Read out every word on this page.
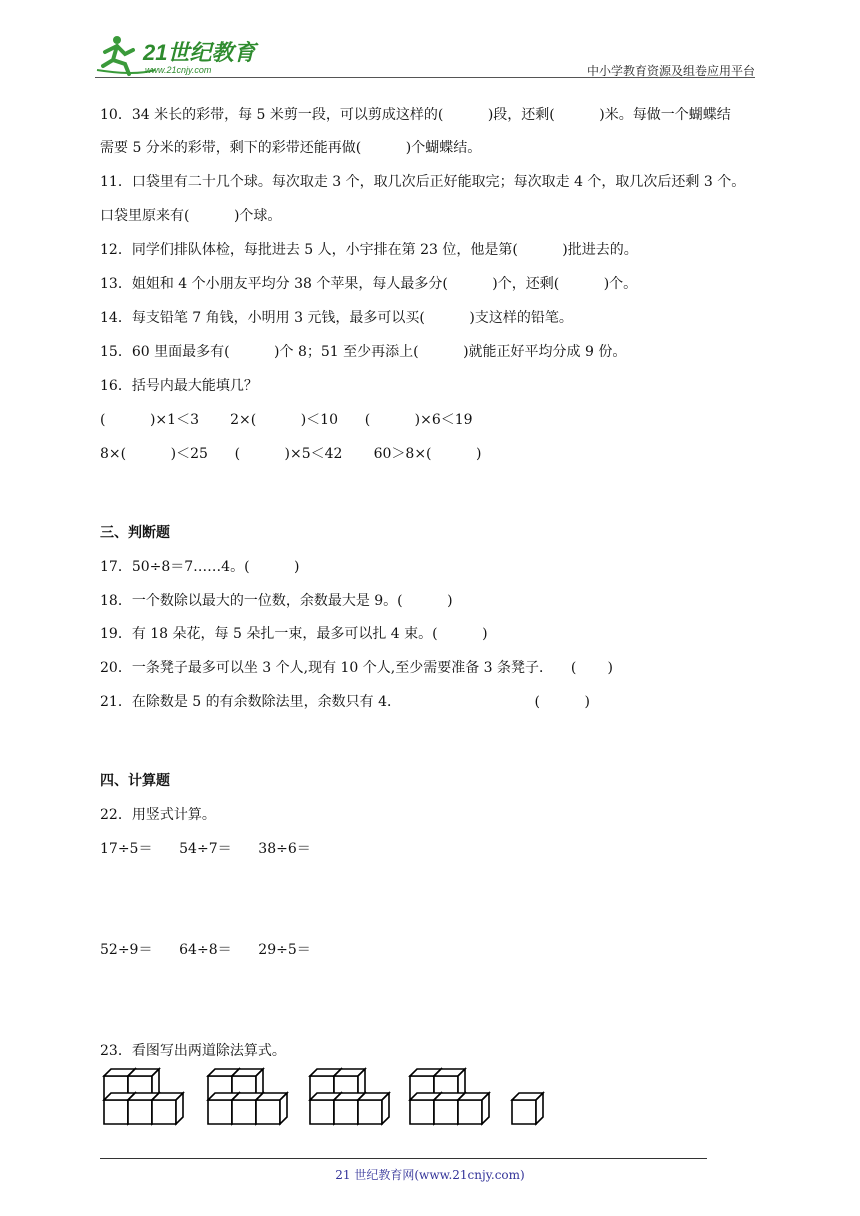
21世纪教育
www.21cnjy.com	中小学教育资源及组卷应用平台
10．34 米长的彩带，每 5 米剪一段，可以剪成这样的(          )段，还剩(          )米。每做一个蝴蝶结
需要 5 分米的彩带，剩下的彩带还能再做(          )个蝴蝶结。
11．口袋里有二十几个球。每次取走 3 个，取几次后正好能取完；每次取走 4 个，取几次后还剩 3 个。
口袋里原来有(          )个球。
12．同学们排队体检，每批进去 5 人，小宇排在第 23 位，他是第(          )批进去的。
13．姐姐和 4 个小朋友平均分 38 个苹果，每人最多分(          )个，还剩(          )个。
14．每支铅笔 7 角钱，小明用 3 元钱，最多可以买(          )支这样的铅笔。
15．60 里面最多有(          )个 8；51 至少再添上(          )就能正好平均分成 9 份。
16．括号内最大能填几？
(          )×1＜3       2×(          )＜10      (          )×6＜19
8×(          )＜25      (          )×5＜42       60＞8×(          )
三、判断题
17．50÷8＝7……4。(          )
18．一个数除以最大的一位数，余数最大是 9。(          )
19．有 18 朵花，每 5 朵扎一束，最多可以扎 4 束。(          )
20．一条凳子最多可以坐 3 个人,现有 10 个人,至少需要准备 3 条凳子．    (       )
21．在除数是 5 的有余数除法里，余数只有 4．                              (          )
四、计算题
22．用竖式计算。
17÷5＝      54÷7＝      38÷6＝
52÷9＝      64÷8＝      29÷5＝
23．看图写出两道除法算式。
21 世纪教育网(www.21cnjy.com)
